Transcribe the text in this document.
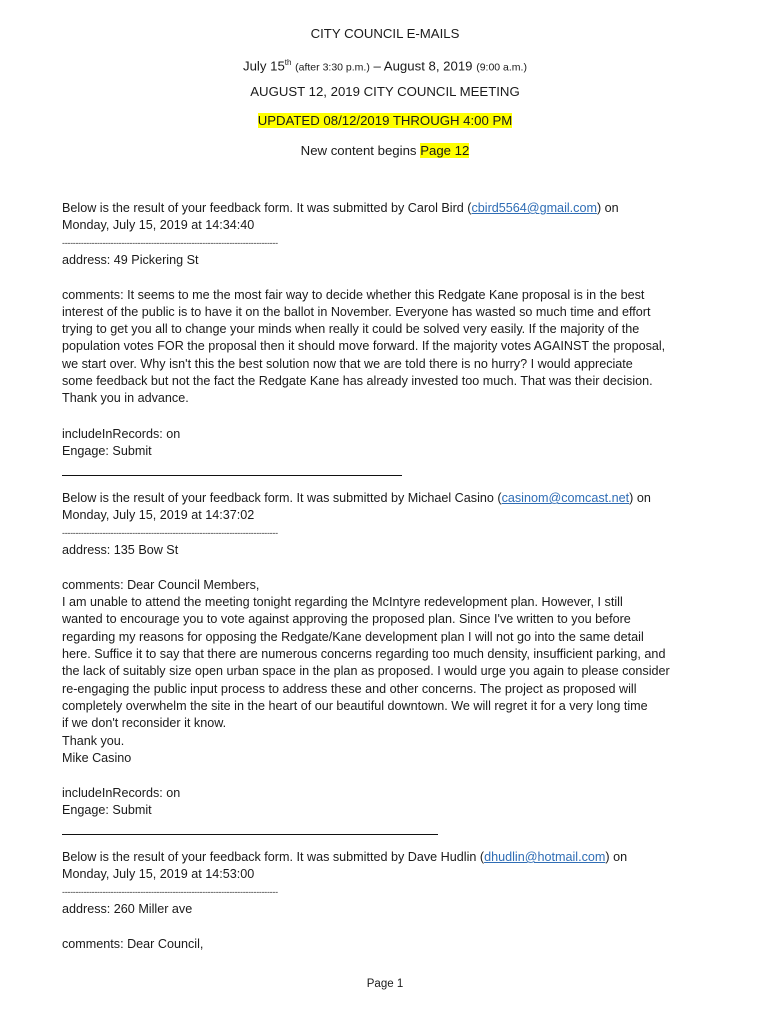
CITY COUNCIL E-MAILS
July 15th (after 3:30 p.m.) – August 8, 2019 (9:00 a.m.)
AUGUST 12, 2019 CITY COUNCIL MEETING
UPDATED 08/12/2019 THROUGH 4:00 PM
New content begins Page 12
Below is the result of your feedback form. It was submitted by Carol Bird (cbird5564@gmail.com) on
Monday, July 15, 2019 at 14:34:40
--------------------------------------------------------------------------------
address: 49 Pickering St
comments: It seems to me the most fair way to decide whether this Redgate Kane proposal is in the best
interest of the public is to have it on the ballot in November. Everyone has wasted so much time and effort
trying to get you all to change your minds when really it could be solved very easily. If the majority of the
population votes FOR the proposal then it should move forward. If the majority votes AGAINST the proposal,
we start over. Why isn't this the best solution now that we are told there is no hurry? I would appreciate
some feedback but not the fact the Redgate Kane has already invested too much. That was their decision.
Thank you in advance.
includeInRecords: on
Engage: Submit
Below is the result of your feedback form. It was submitted by Michael Casino (casinom@comcast.net) on
Monday, July 15, 2019 at 14:37:02
--------------------------------------------------------------------------------
address: 135 Bow St
comments: Dear Council Members,
I am unable to attend the meeting tonight regarding the McIntyre redevelopment plan. However, I still
wanted to encourage you to vote against approving the proposed plan. Since I've written to you before
regarding my reasons for opposing the Redgate/Kane development plan I will not go into the same detail
here. Suffice it to say that there are numerous concerns regarding too much density, insufficient parking, and
the lack of suitably size open urban space in the plan as proposed. I would urge you again to please consider
re-engaging the public input process to address these and other concerns. The project as proposed will
completely overwhelm the site in the heart of our beautiful downtown. We will regret it for a very long time
if we don't reconsider it know.
Thank you.
Mike Casino
includeInRecords: on
Engage: Submit
Below is the result of your feedback form. It was submitted by Dave Hudlin (dhudlin@hotmail.com) on
Monday, July 15, 2019 at 14:53:00
--------------------------------------------------------------------------------
address: 260 Miller ave
comments: Dear Council,
Page 1
